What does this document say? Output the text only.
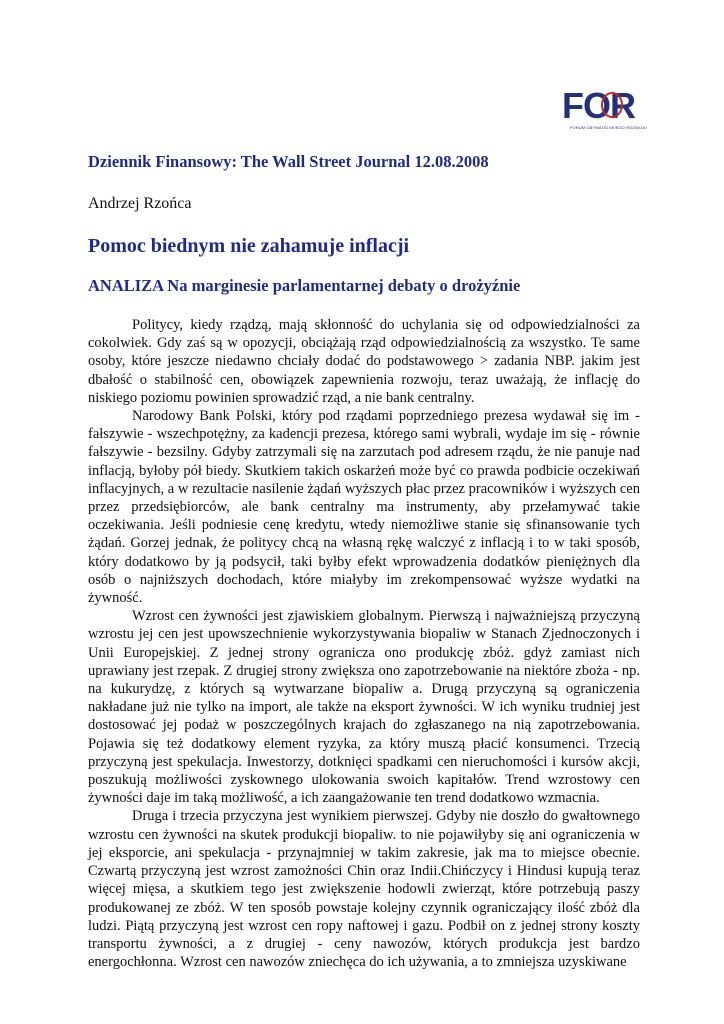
FOR
FORUM OBYWATELSKIEGO ROZWOJU
Dziennik Finansowy: The Wall Street Journal 12.08.2008
Andrzej Rzońca
Pomoc biednym nie zahamuje inflacji
ANALIZA Na marginesie parlamentarnej debaty o drożyźnie

Politycy, kiedy rządzą, mają skłonność do uchylania się od odpowiedzialności za cokolwiek. Gdy zaś są w opozycji, obciążają rząd odpowiedzialnością za wszystko. Te same osoby, które jeszcze niedawno chciały dodać do podstawowego > zadania NBP. jakim jest dbałość o stabilność cen, obowiązek zapewnienia rozwoju, teraz uważają, że inflację do niskiego poziomu powinien sprowadzić rząd, a nie bank centralny.

Narodowy Bank Polski, który pod rządami poprzedniego prezesa wydawał się im - fałszywie - wszechpotężny, za kadencji prezesa, którego sami wybrali, wydaje im się - równie fałszywie - bezsilny. Gdyby zatrzymali się na zarzutach pod adresem rządu, że nie panuje nad inflacją, byłoby pół biedy. Skutkiem takich oskarżeń może być co prawda podbicie oczekiwań inflacyjnych, a w rezultacie nasilenie żądań wyższych płac przez pracowników i wyższych cen przez przedsiębiorców, ale bank centralny ma instrumenty, aby przełamywać takie oczekiwania. Jeśli podniesie cenę kredytu, wtedy niemożliwe stanie się sfinansowanie tych żądań. Gorzej jednak, że politycy chcą na własną rękę walczyć z inflacją i to w taki sposób, który dodatkowo by ją podsycił, taki byłby efekt wprowadzenia dodatków pieniężnych dla osób o najniższych dochodach, które miałyby im zrekompensować wyższe wydatki na żywność.

Wzrost cen żywności jest zjawiskiem globalnym. Pierwszą i najważniejszą przyczyną wzrostu jej cen jest upowszechnienie wykorzystywania biopaliw w Stanach Zjednoczonych i Unii Europejskiej. Z jednej strony ogranicza ono produkcję zbóż. gdyż zamiast nich uprawiany jest rzepak. Z drugiej strony zwiększa ono zapotrzebowanie na niektóre zboża - np. na kukurydzę, z których są wytwarzane biopaliw a. Drugą przyczyną są ograniczenia nakładane już nie tylko na import, ale także na eksport żywności. W ich wyniku trudniej jest dostosować jej podaż w poszczególnych krajach do zgłaszanego na nią zapotrzebowania. Pojawia się też dodatkowy element ryzyka, za który muszą płacić konsumenci. Trzecią przyczyną jest spekulacja. Inwestorzy, dotknięci spadkami cen nieruchomości i kursów akcji, poszukują możliwości zyskownego ulokowania swoich kapitałów. Trend wzrostowy cen żywności daje im taką możliwość, a ich zaangażowanie ten trend dodatkowo wzmacnia.

Druga i trzecia przyczyna jest wynikiem pierwszej. Gdyby nie doszło do gwałtownego wzrostu cen żywności na skutek produkcji biopaliw. to nie pojawiłyby się ani ograniczenia w jej eksporcie, ani spekulacja - przynajmniej w takim zakresie, jak ma to miejsce obecnie. Czwartą przyczyną jest wzrost zamożności Chin oraz Indii.Chińczycy i Hindusi kupują teraz więcej mięsa, a skutkiem tego jest zwiększenie hodowli zwierząt, które potrzebują paszy produkowanej ze zbóż. W ten sposób powstaje kolejny czynnik ograniczający ilość zbóż dla ludzi. Piątą przyczyną jest wzrost cen ropy naftowej i gazu. Podbił on z jednej strony koszty transportu żywności, a z drugiej - ceny nawozów, których produkcja jest bardzo energochłonna. Wzrost cen nawozów zniechęca do ich używania, a to zmniejsza uzyskiwane
